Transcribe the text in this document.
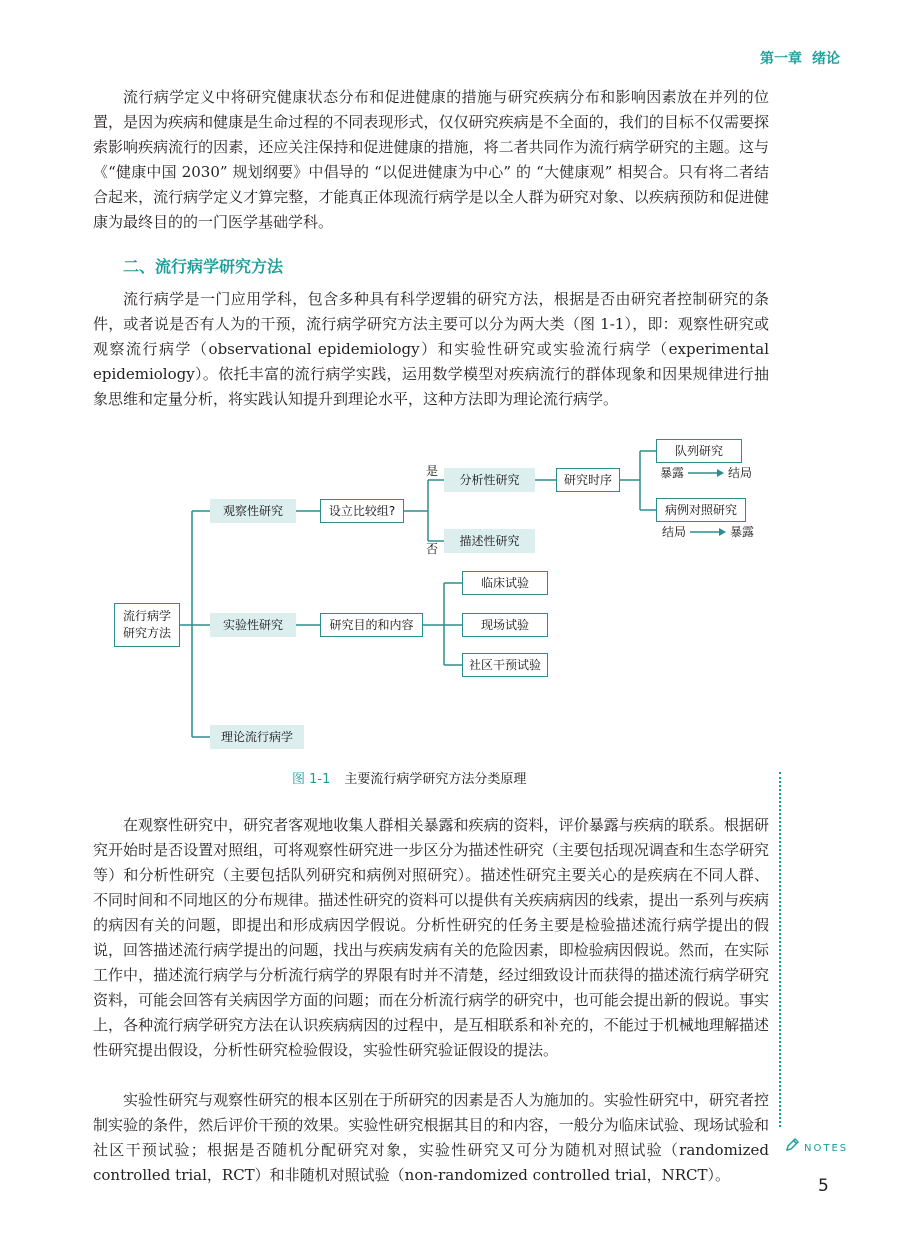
第一章 绪论

流行病学定义中将研究健康状态分布和促进健康的措施与研究疾病分布和影响因素放在并列的位置，是因为疾病和健康是生命过程的不同表现形式，仅仅研究疾病是不全面的，我们的目标不仅需要探索影响疾病流行的因素，还应关注保持和促进健康的措施，将二者共同作为流行病学研究的主题。这与《“健康中国 2030” 规划纲要》中倡导的 “以促进健康为中心” 的 “大健康观” 相契合。只有将二者结合起来，流行病学定义才算完整，才能真正体现流行病学是以全人群为研究对象、以疾病预防和促进健康为最终目的的一门医学基础学科。

二、流行病学研究方法

流行病学是一门应用学科，包含多种具有科学逻辑的研究方法，根据是否由研究者控制研究的条件，或者说是否有人为的干预，流行病学研究方法主要可以分为两大类（图 1-1），即：观察性研究或观察流行病学（observational epidemiology）和实验性研究或实验流行病学（experimental epidemiology）。依托丰富的流行病学实践，运用数学模型对疾病流行的群体现象和因果规律进行抽象思维和定量分析，将实践认知提升到理论水平，这种方法即为理论流行病学。

流行病学
研究方法
观察性研究
实验性研究
理论流行病学
设立比较组?
是
否
分析性研究
描述性研究
研究时序
队列研究
暴露	结局
病例对照研究
结局	暴露
研究目的和内容
临床试验
现场试验
社区干预试验
图 1-1 主要流行病学研究方法分类原理

在观察性研究中，研究者客观地收集人群相关暴露和疾病的资料，评价暴露与疾病的联系。根据研究开始时是否设置对照组，可将观察性研究进一步区分为描述性研究（主要包括现况调查和生态学研究等）和分析性研究（主要包括队列研究和病例对照研究）。描述性研究主要关心的是疾病在不同人群、不同时间和不同地区的分布规律。描述性研究的资料可以提供有关疾病病因的线索，提出一系列与疾病的病因有关的问题，即提出和形成病因学假说。分析性研究的任务主要是检验描述流行病学提出的假说，回答描述流行病学提出的问题，找出与疾病发病有关的危险因素，即检验病因假说。然而，在实际工作中，描述流行病学与分析流行病学的界限有时并不清楚，经过细致设计而获得的描述流行病学研究资料，可能会回答有关病因学方面的问题；而在分析流行病学的研究中，也可能会提出新的假说。事实上，各种流行病学研究方法在认识疾病病因的过程中，是互相联系和补充的，不能过于机械地理解描述性研究提出假设，分析性研究检验假设，实验性研究验证假设的提法。

实验性研究与观察性研究的根本区别在于所研究的因素是否人为施加的。实验性研究中，研究者控制实验的条件，然后评价干预的效果。实验性研究根据其目的和内容，一般分为临床试验、现场试验和社区干预试验；根据是否随机分配研究对象，实验性研究又可分为随机对照试验（randomized controlled trial，RCT）和非随机对照试验（non-randomized controlled trial，NRCT）。

NOTES
5
